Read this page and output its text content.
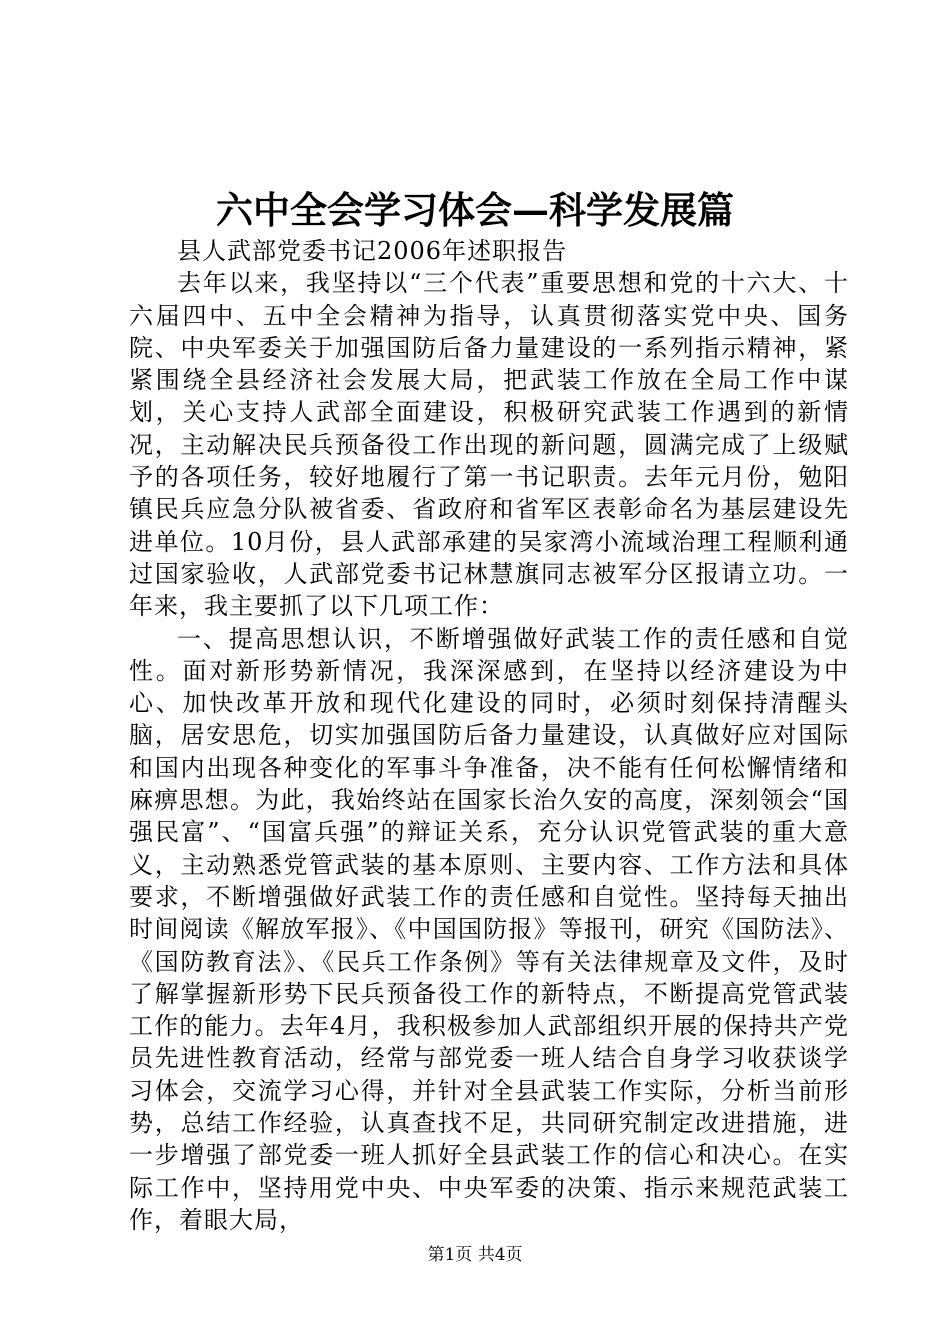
六中全会学习体会—科学发展篇

县人武部党委书记2006年述职报告

去年以来，我坚持以“三个代表”重要思想和党的十六大、十六届四中、五中全会精神为指导，认真贯彻落实党中央、国务院、中央军委关于加强国防后备力量建设的一系列指示精神，紧紧围绕全县经济社会发展大局，把武装工作放在全局工作中谋划，关心支持人武部全面建设，积极研究武装工作遇到的新情况，主动解决民兵预备役工作出现的新问题，圆满完成了上级赋予的各项任务，较好地履行了第一书记职责。去年元月份，勉阳镇民兵应急分队被省委、省政府和省军区表彰命名为基层建设先进单位。10月份，县人武部承建的吴家湾小流域治理工程顺利通过国家验收，人武部党委书记林慧旗同志被军分区报请立功。一年来，我主要抓了以下几项工作：

一、提高思想认识，不断增强做好武装工作的责任感和自觉性。面对新形势新情况，我深深感到，在坚持以经济建设为中心、加快改革开放和现代化建设的同时，必须时刻保持清醒头脑，居安思危，切实加强国防后备力量建设，认真做好应对国际和国内出现各种变化的军事斗争准备，决不能有任何松懈情绪和麻痹思想。为此，我始终站在国家长治久安的高度，深刻领会“国强民富”、“国富兵强”的辩证关系，充分认识党管武装的重大意义，主动熟悉党管武装的基本原则、主要内容、工作方法和具体要求，不断增强做好武装工作的责任感和自觉性。坚持每天抽出时间阅读《解放军报》、《中国国防报》等报刊，研究《国防法》、《国防教育法》、《民兵工作条例》等有关法律规章及文件，及时了解掌握新形势下民兵预备役工作的新特点，不断提高党管武装工作的能力。去年4月，我积极参加人武部组织开展的保持共产党员先进性教育活动，经常与部党委一班人结合自身学习收获谈学习体会，交流学习心得，并针对全县武装工作实际，分析当前形势，总结工作经验，认真查找不足，共同研究制定改进措施，进一步增强了部党委一班人抓好全县武装工作的信心和决心。在实际工作中，坚持用党中央、中央军委的决策、指示来规范武装工作，着眼大局，

第1页 共4页
